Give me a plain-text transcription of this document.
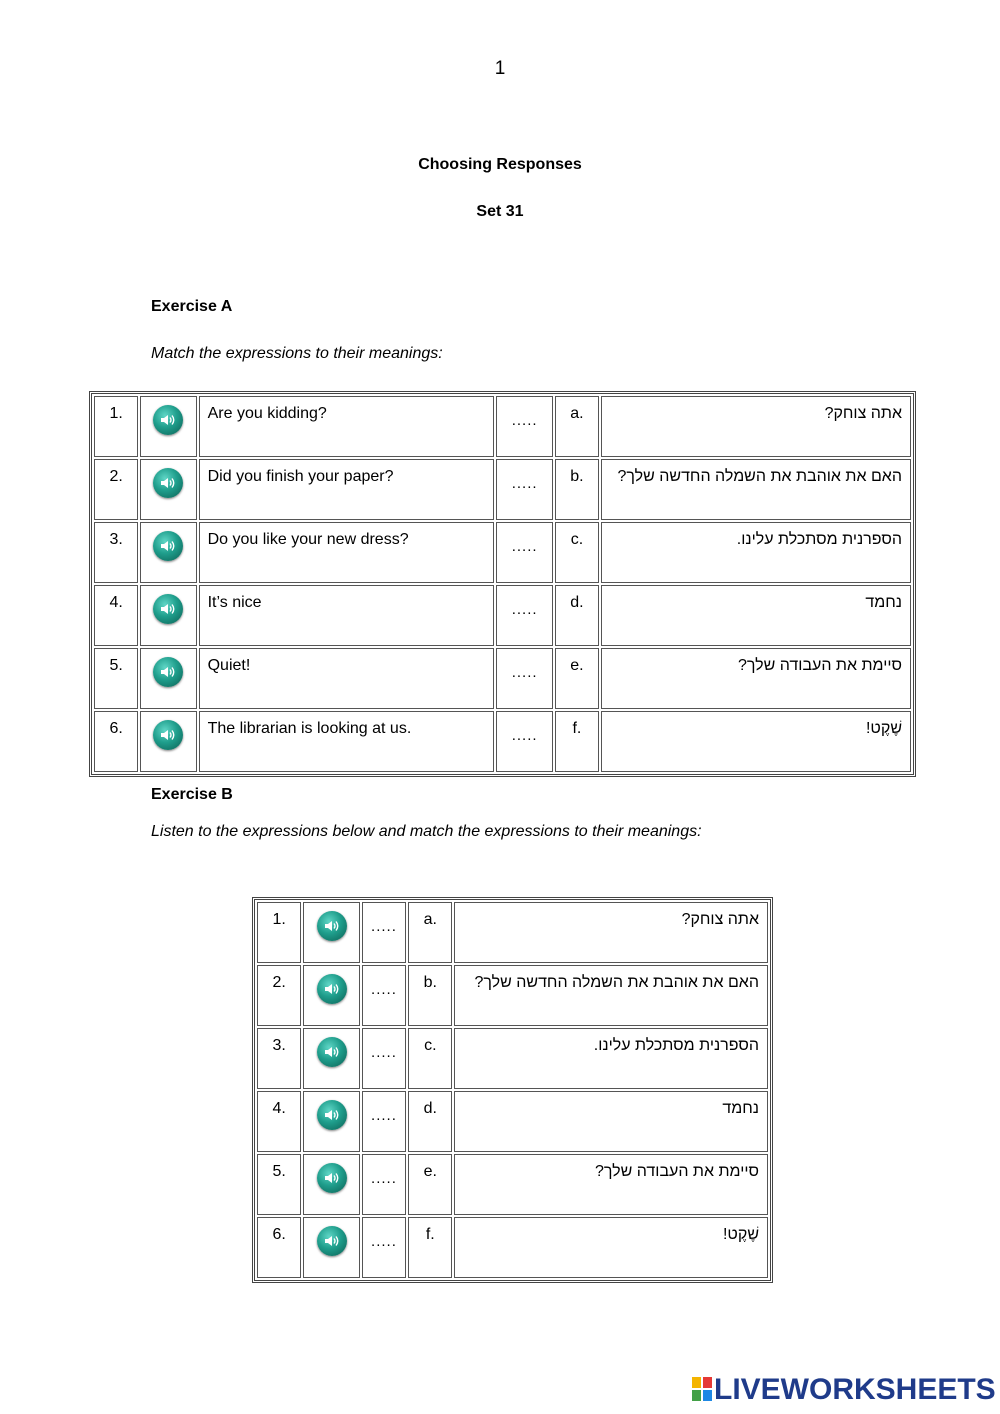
1
Choosing Responses
Set 31
Exercise A
Match the expressions to their meanings:
1.		Are you kidding?	.....	a.	אתה צוחק?
2.		Did you finish your paper?	.....	b.	האם את אוהבת את השמלה החדשה שלך?
3.		Do you like your new dress?	.....	c.	הספרנית מסתכלת עלינו.
4.		It’s nice	.....	d.	נחמד
5.		Quiet!	.....	e.	סיימת את העבודה שלך?
6.		The librarian is looking at us.	.....	f.	שֶׁקֶט!
Exercise B
Listen to the expressions below and match the expressions to their meanings:
1.		.....	a.	אתה צוחק?
2.		.....	b.	האם את אוהבת את השמלה החדשה שלך?
3.		.....	c.	הספרנית מסתכלת עלינו.
4.		.....	d.	נחמד
5.		.....	e.	סיימת את העבודה שלך?
6.		.....	f.	שֶׁקֶט!
LIVEWORKSHEETS
